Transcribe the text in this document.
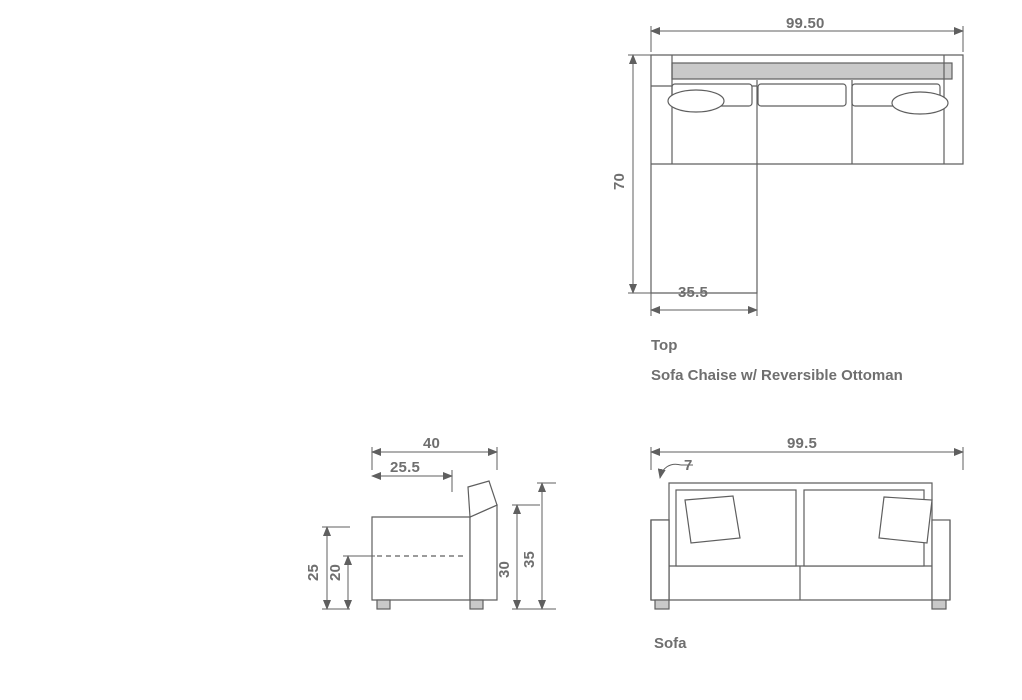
99.50
70
35.5
Top
Sofa Chaise w/ Reversible Ottoman
40
25.5
25 20	30
35
99.5
7
Sofa
